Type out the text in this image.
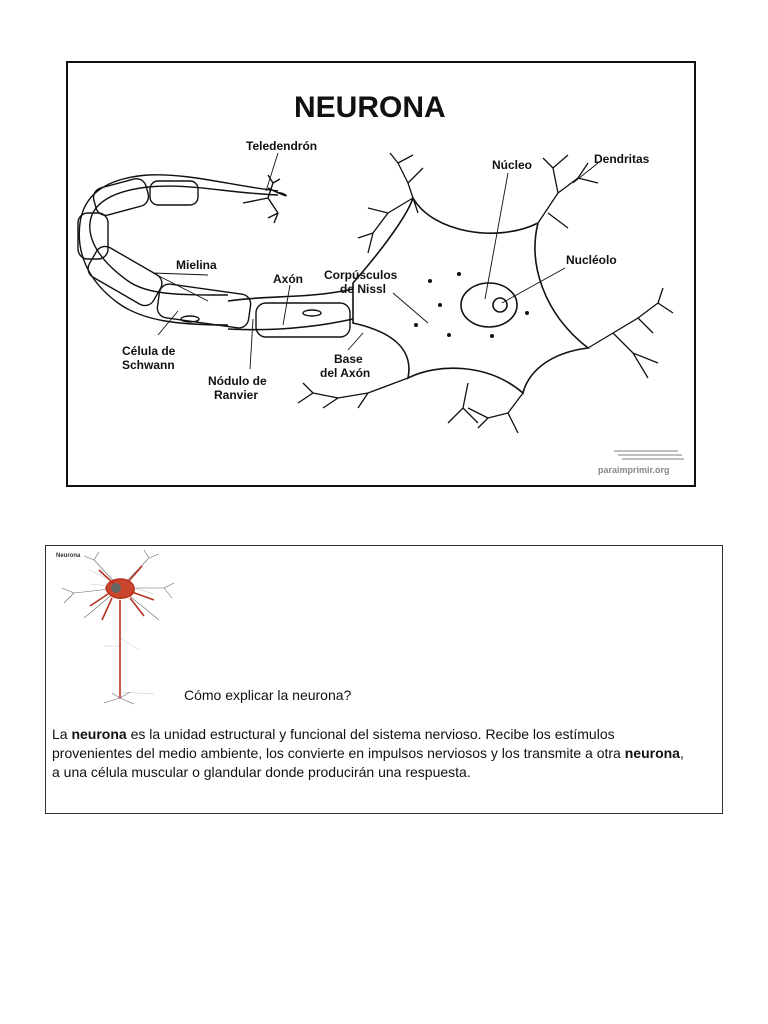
NEURONA
Teledendrón
Núcleo	Dendritas
Nucléolo
Mielina
Axón Corpúsculos
de Nissl
Célula de
Schwann
Nódulo de
Ranvier
Base
del Axón
paraimprimir.org
Neurona
Cómo explicar la neurona?
La neurona es la unidad estructural y funcional del sistema nervioso. Recibe los estímulos provenientes del medio ambiente, los convierte en impulsos nerviosos y los transmite a otra neurona, a una célula muscular o glandular donde producirán una respuesta.
